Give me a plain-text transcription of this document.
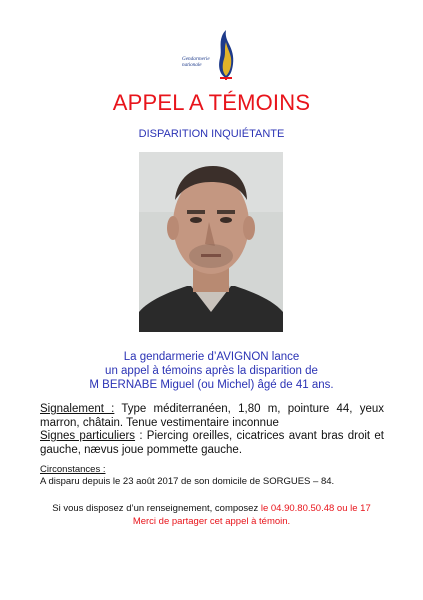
Gendarmerie
nationale
APPEL A TÉMOINS
DISPARITION INQUIÉTANTE
La gendarmerie d’AVIGNON lance
un appel à témoins après la disparition de
M BERNABE Miguel (ou Michel) âgé de 41 ans.
Signalement : Type méditerranéen, 1,80 m, pointure 44, yeux marron, châtain. Tenue vestimentaire inconnue
Signes particuliers : Piercing oreilles, cicatrices avant bras droit et gauche, nævus joue pommette gauche.
Circonstances :
A disparu depuis le 23 août 2017 de son domicile de SORGUES – 84.
Si vous disposez d’un renseignement, composez le 04.90.80.50.48 ou le 17
Merci de partager cet appel à témoin.
